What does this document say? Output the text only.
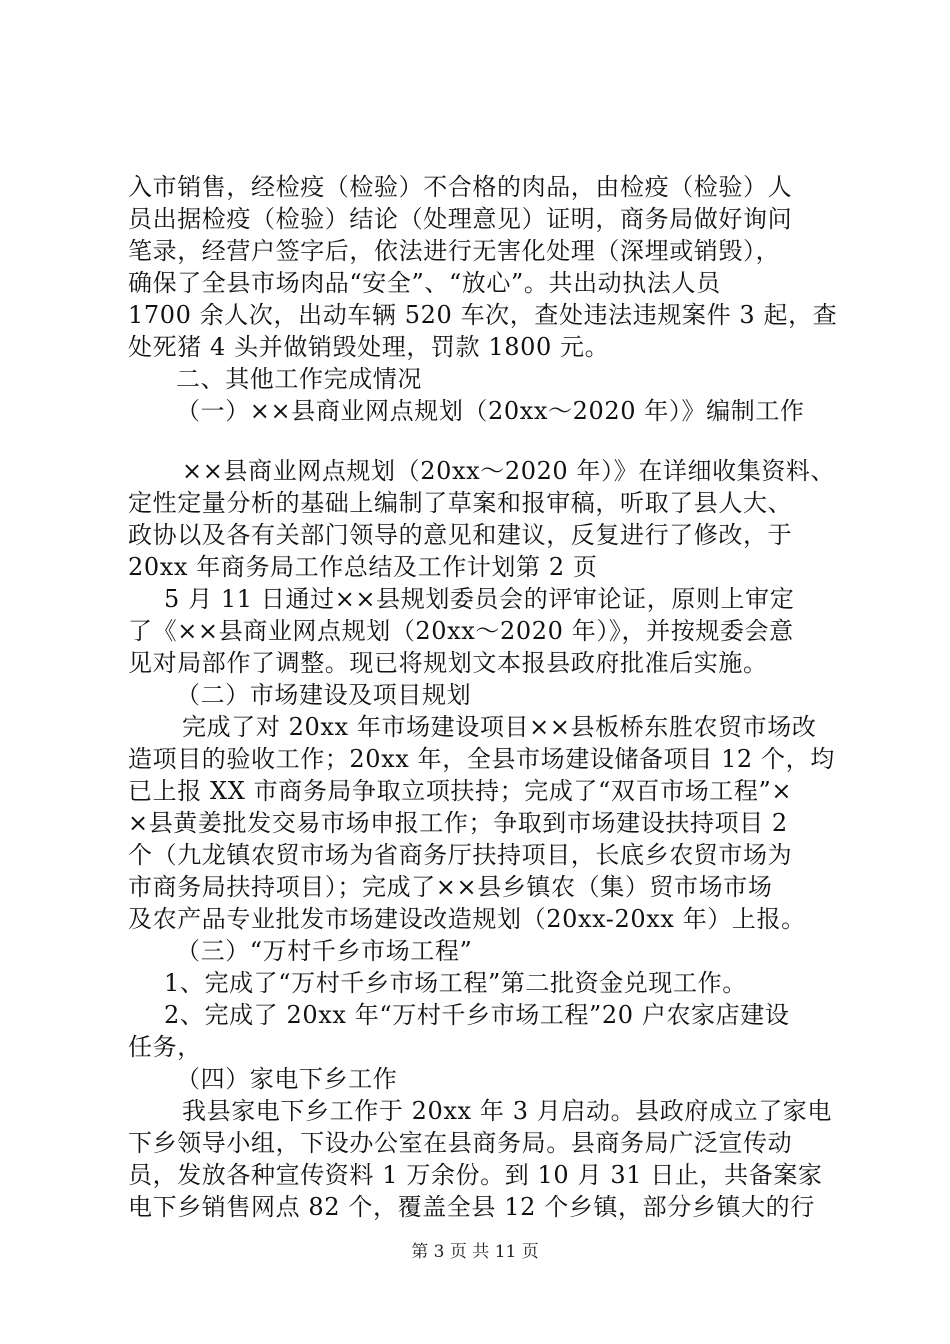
入市销售，经检疫（检验）不合格的肉品，由检疫（检验）人
员出据检疫（检验）结论（处理意见）证明，商务局做好询问
笔录，经营户签字后，依法进行无害化处理（深埋或销毁），
确保了全县市场肉品“安全”、“放心”。共出动执法人员
1700 余人次，出动车辆 520 车次，查处违法违规案件 3 起，查
处死猪 4 头并做销毁处理，罚款 1800 元。
二、其他工作完成情况
（一）××县商业网点规划（20xx～2020 年）》编制工作
××县商业网点规划（20xx～2020 年）》在详细收集资料、
定性定量分析的基础上编制了草案和报审稿，听取了县人大、
政协以及各有关部门领导的意见和建议，反复进行了修改，于
20xx 年商务局工作总结及工作计划第 2 页
5 月 11 日通过××县规划委员会的评审论证，原则上审定
了《××县商业网点规划（20xx～2020 年）》，并按规委会意
见对局部作了调整。现已将规划文本报县政府批准后实施。
（二）市场建设及项目规划
完成了对 20xx 年市场建设项目××县板桥东胜农贸市场改
造项目的验收工作；20xx 年，全县市场建设储备项目 12 个，均
已上报 XX 市商务局争取立项扶持；完成了“双百市场工程”×
×县黄姜批发交易市场申报工作；争取到市场建设扶持项目 2
个（九龙镇农贸市场为省商务厅扶持项目，长底乡农贸市场为
市商务局扶持项目）；完成了××县乡镇农（集）贸市场市场
及农产品专业批发市场建设改造规划（20xx-20xx 年）上报。
（三）“万村千乡市场工程”
1、完成了“万村千乡市场工程”第二批资金兑现工作。
2、完成了 20xx 年“万村千乡市场工程”20 户农家店建设
任务，
（四）家电下乡工作
我县家电下乡工作于 20xx 年 3 月启动。县政府成立了家电
下乡领导小组，下设办公室在县商务局。县商务局广泛宣传动
员，发放各种宣传资料 1 万余份。到 10 月 31 日止，共备案家
电下乡销售网点 82 个，覆盖全县 12 个乡镇，部分乡镇大的行
第 3 页 共 11 页
